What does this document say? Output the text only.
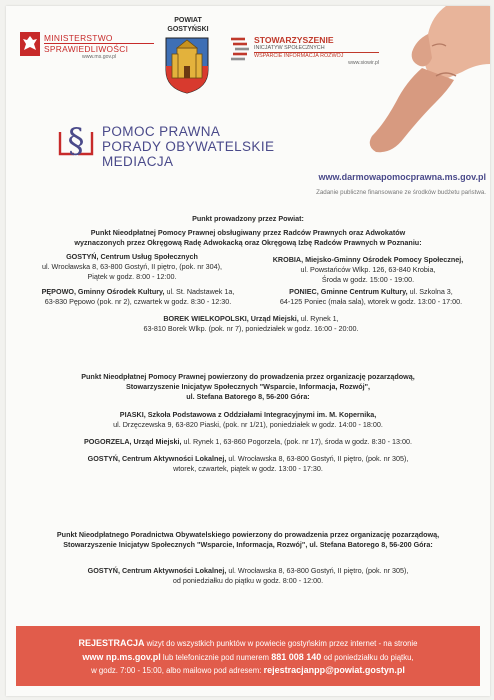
MINISTERSTWO
SPRAWIEDLIWOŚCI
www.ms.gov.pl
POWIAT
GOSTYŃSKI
STOWARZYSZENIE
INICJATYW SPOŁECZNYCH
WSPARCIE INFORMACJA ROZWÓJ
www.siowir.pl
§ POMOC PRAWNA
PORADY OBYWATELSKIE
MEDIACJA
www.darmowapomocprawna.ms.gov.pl
Zadanie publiczne finansowane ze środków budżetu państwa.
Punkt prowadzony przez Powiat:
Punkt Nieodpłatnej Pomocy Prawnej obsługiwany przez Radców Prawnych oraz Adwokatów
wyznaczonych przez Okręgową Radę Adwokacką oraz Okręgową Izbę Radców Prawnych w Poznaniu:
GOSTYŃ, Centrum Usług Społecznych
ul. Wrocławska 8, 63-800 Gostyń, II piętro, (pok. nr 304),
Piątek w godz. 8:00 - 12:00.
KROBIA, Miejsko-Gminny Ośrodek Pomocy Społecznej,
ul. Powstańców Wlkp. 126, 63-840 Krobia,
Środa w godz. 15:00 - 19:00.
PĘPOWO, Gminny Ośrodek Kultury, ul. St. Nadstawek 1a,
63-830 Pępowo (pok. nr 2), czwartek w godz. 8:30 - 12:30.
PONIEC, Gminne Centrum Kultury, ul. Szkolna 3,
64-125 Poniec (mała sala), wtorek w godz. 13:00 - 17:00.
BOREK WIELKOPOLSKI, Urząd Miejski, ul. Rynek 1,
63-810 Borek Wlkp. (pok. nr 7), poniedziałek w godz. 16:00 - 20:00.
Punkt Nieodpłatnej Pomocy Prawnej powierzony do prowadzenia przez organizację pozarządową,
Stowarzyszenie Inicjatyw Społecznych "Wsparcie, Informacja, Rozwój",
ul. Stefana Batorego 8, 56-200 Góra:
PIASKI, Szkoła Podstawowa z Oddziałami Integracyjnymi im. M. Kopernika,
ul. Drzęczewska 9, 63-820 Piaski, (pok. nr 1/21), poniedziałek w godz. 14:00 - 18:00.
POGORZELA, Urząd Miejski, ul. Rynek 1, 63-860 Pogorzela, (pok. nr 17), środa w godz. 8:30 - 13:00.
GOSTYŃ, Centrum Aktywności Lokalnej, ul. Wrocławska 8, 63-800 Gostyń, II piętro, (pok. nr 305),
wtorek, czwartek, piątek w godz. 13:00 - 17:30.
Punkt Nieodpłatnego Poradnictwa Obywatelskiego powierzony do prowadzenia przez organizację pozarządową,
Stowarzyszenie Inicjatyw Społecznych "Wsparcie, Informacja, Rozwój", ul. Stefana Batorego 8, 56-200 Góra:
GOSTYŃ, Centrum Aktywności Lokalnej, ul. Wrocławska 8, 63-800 Gostyń, II piętro, (pok. nr 305),
od poniedziałku do piątku w godz. 8:00 - 12:00.
REJESTRACJA wizyt do wszystkich punktów w powiecie gostyńskim przez internet - na stronie
www np.ms.gov.pl lub telefonicznie pod numerem 881 008 140 od poniedziałku do piątku,
w godz. 7:00 - 15:00, albo mailowo pod adresem: rejestracjanpp@powiat.gostyn.pl
